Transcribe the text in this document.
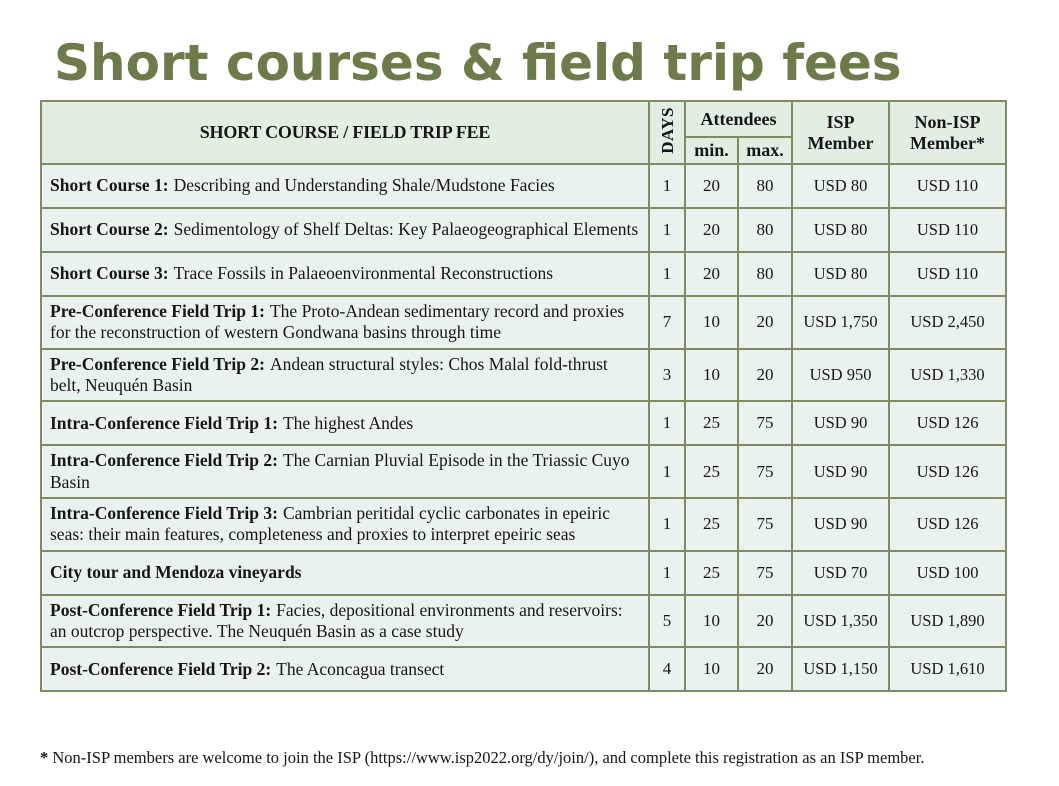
Short courses & field trip fees
SHORT COURSE / FIELD TRIP FEE	DAYS	Attendees		ISP Member	Non-ISP Member*
		min.	max.		
Short Course 1: Describing and Understanding Shale/Mudstone Facies	1	20	80	USD 80	USD 110
Short Course 2: Sedimentology of Shelf Deltas: Key Palaeogeographical Elements	1	20	80	USD 80	USD 110
Short Course 3: Trace Fossils in Palaeoenvironmental Reconstructions	1	20	80	USD 80	USD 110
Pre-Conference Field Trip 1: The Proto-Andean sedimentary record and proxies for the reconstruction of western Gondwana basins through time	7	10	20	USD 1,750	USD 2,450
Pre-Conference Field Trip 2: Andean structural styles: Chos Malal fold-thrust belt, Neuquén Basin	3	10	20	USD 950	USD 1,330
Intra-Conference Field Trip 1: The highest Andes	1	25	75	USD 90	USD 126
Intra-Conference Field Trip 2: The Carnian Pluvial Episode in the Triassic Cuyo Basin	1	25	75	USD 90	USD 126
Intra-Conference Field Trip 3: Cambrian peritidal cyclic carbonates in epeiric seas: their main features, completeness and proxies to interpret epeiric seas	1	25	75	USD 90	USD 126
City tour and Mendoza vineyards	1	25	75	USD 70	USD 100
Post-Conference Field Trip 1: Facies, depositional environments and reservoirs: an outcrop perspective. The Neuquén Basin as a case study	5	10	20	USD 1,350	USD 1,890
Post-Conference Field Trip 2: The Aconcagua transect	4	10	20	USD 1,150	USD 1,610

* Non-ISP members are welcome to join the ISP (https://www.isp2022.org/dy/join/), and complete this registration as an ISP member.
